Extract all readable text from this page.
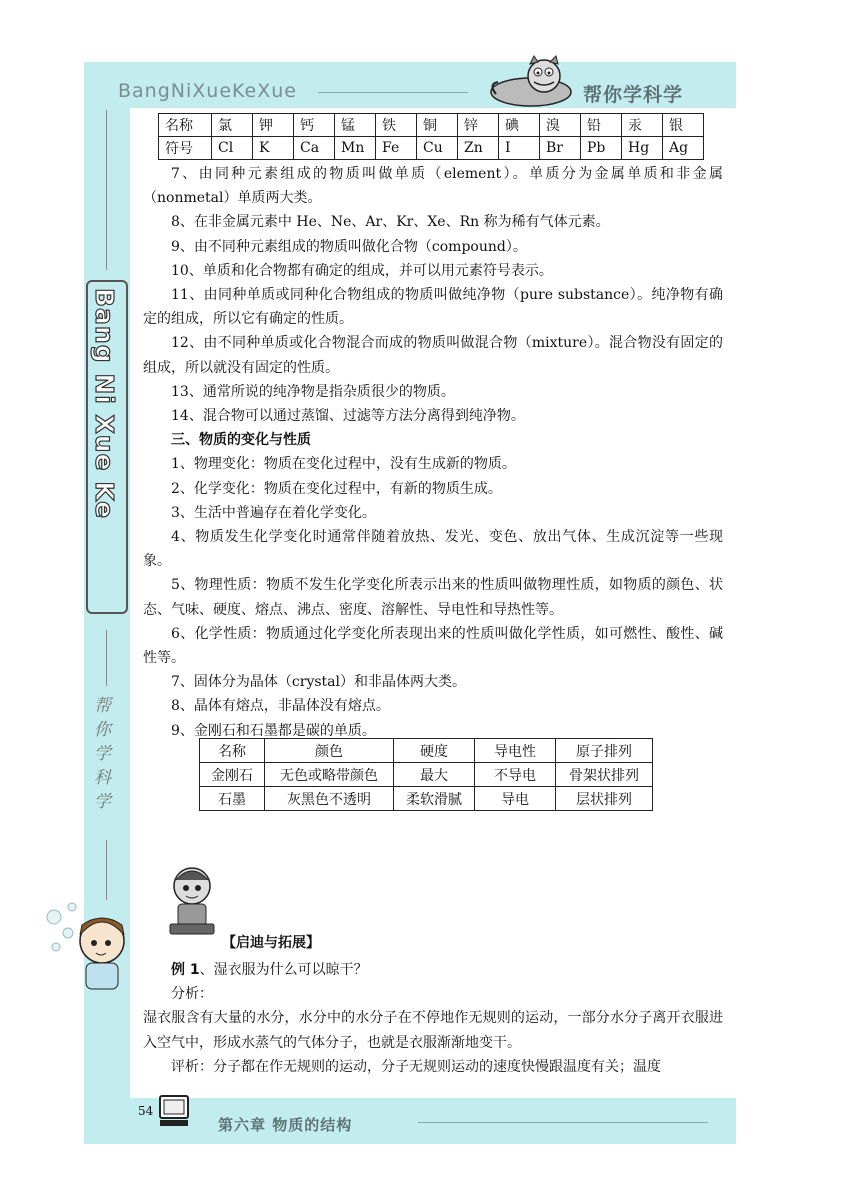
BangNiXueKeXue	帮你学科学
Bang Ni Xue Ke
帮你学科学
名称	氯	钾	钙	锰	铁	铜	锌	碘	溴	铅	汞	银
符号	Cl	K	Ca	Mn	Fe	Cu	Zn	I	Br	Pb	Hg	Ag

7、由同种元素组成的物质叫做单质（element）。单质分为金属单质和非金属（nonmetal）单质两大类。

8、在非金属元素中 He、Ne、Ar、Kr、Xe、Rn 称为稀有气体元素。

9、由不同种元素组成的物质叫做化合物（compound）。

10、单质和化合物都有确定的组成，并可以用元素符号表示。

11、由同种单质或同种化合物组成的物质叫做纯净物（pure substance）。纯净物有确定的组成，所以它有确定的性质。

12、由不同种单质或化合物混合而成的物质叫做混合物（mixture）。混合物没有固定的组成，所以就没有固定的性质。

13、通常所说的纯净物是指杂质很少的物质。

14、混合物可以通过蒸馏、过滤等方法分离得到纯净物。

三、物质的变化与性质

1、物理变化：物质在变化过程中，没有生成新的物质。

2、化学变化：物质在变化过程中，有新的物质生成。

3、生活中普遍存在着化学变化。

4、物质发生化学变化时通常伴随着放热、发光、变色、放出气体、生成沉淀等一些现象。

5、物理性质：物质不发生化学变化所表示出来的性质叫做物理性质，如物质的颜色、状态、气味、硬度、熔点、沸点、密度、溶解性、导电性和导热性等。

6、化学性质：物质通过化学变化所表现出来的性质叫做化学性质，如可燃性、酸性、碱性等。

7、固体分为晶体（crystal）和非晶体两大类。

8、晶体有熔点，非晶体没有熔点。

9、金刚石和石墨都是碳的单质。

名称	颜色	硬度	导电性	原子排列
金刚石	无色或略带颜色	最大	不导电	骨架状排列
石墨	灰黑色不透明	柔软滑腻	导电	层状排列
【启迪与拓展】

例 1、湿衣服为什么可以晾干？

分析：

湿衣服含有大量的水分，水分中的水分子在不停地作无规则的运动，一部分水分子离开衣服进入空气中，形成水蒸气的气体分子，也就是衣服渐渐地变干。

评析：分子都在作无规则的运动，分子无规则运动的速度快慢跟温度有关；温度

54
第六章 物质的结构
